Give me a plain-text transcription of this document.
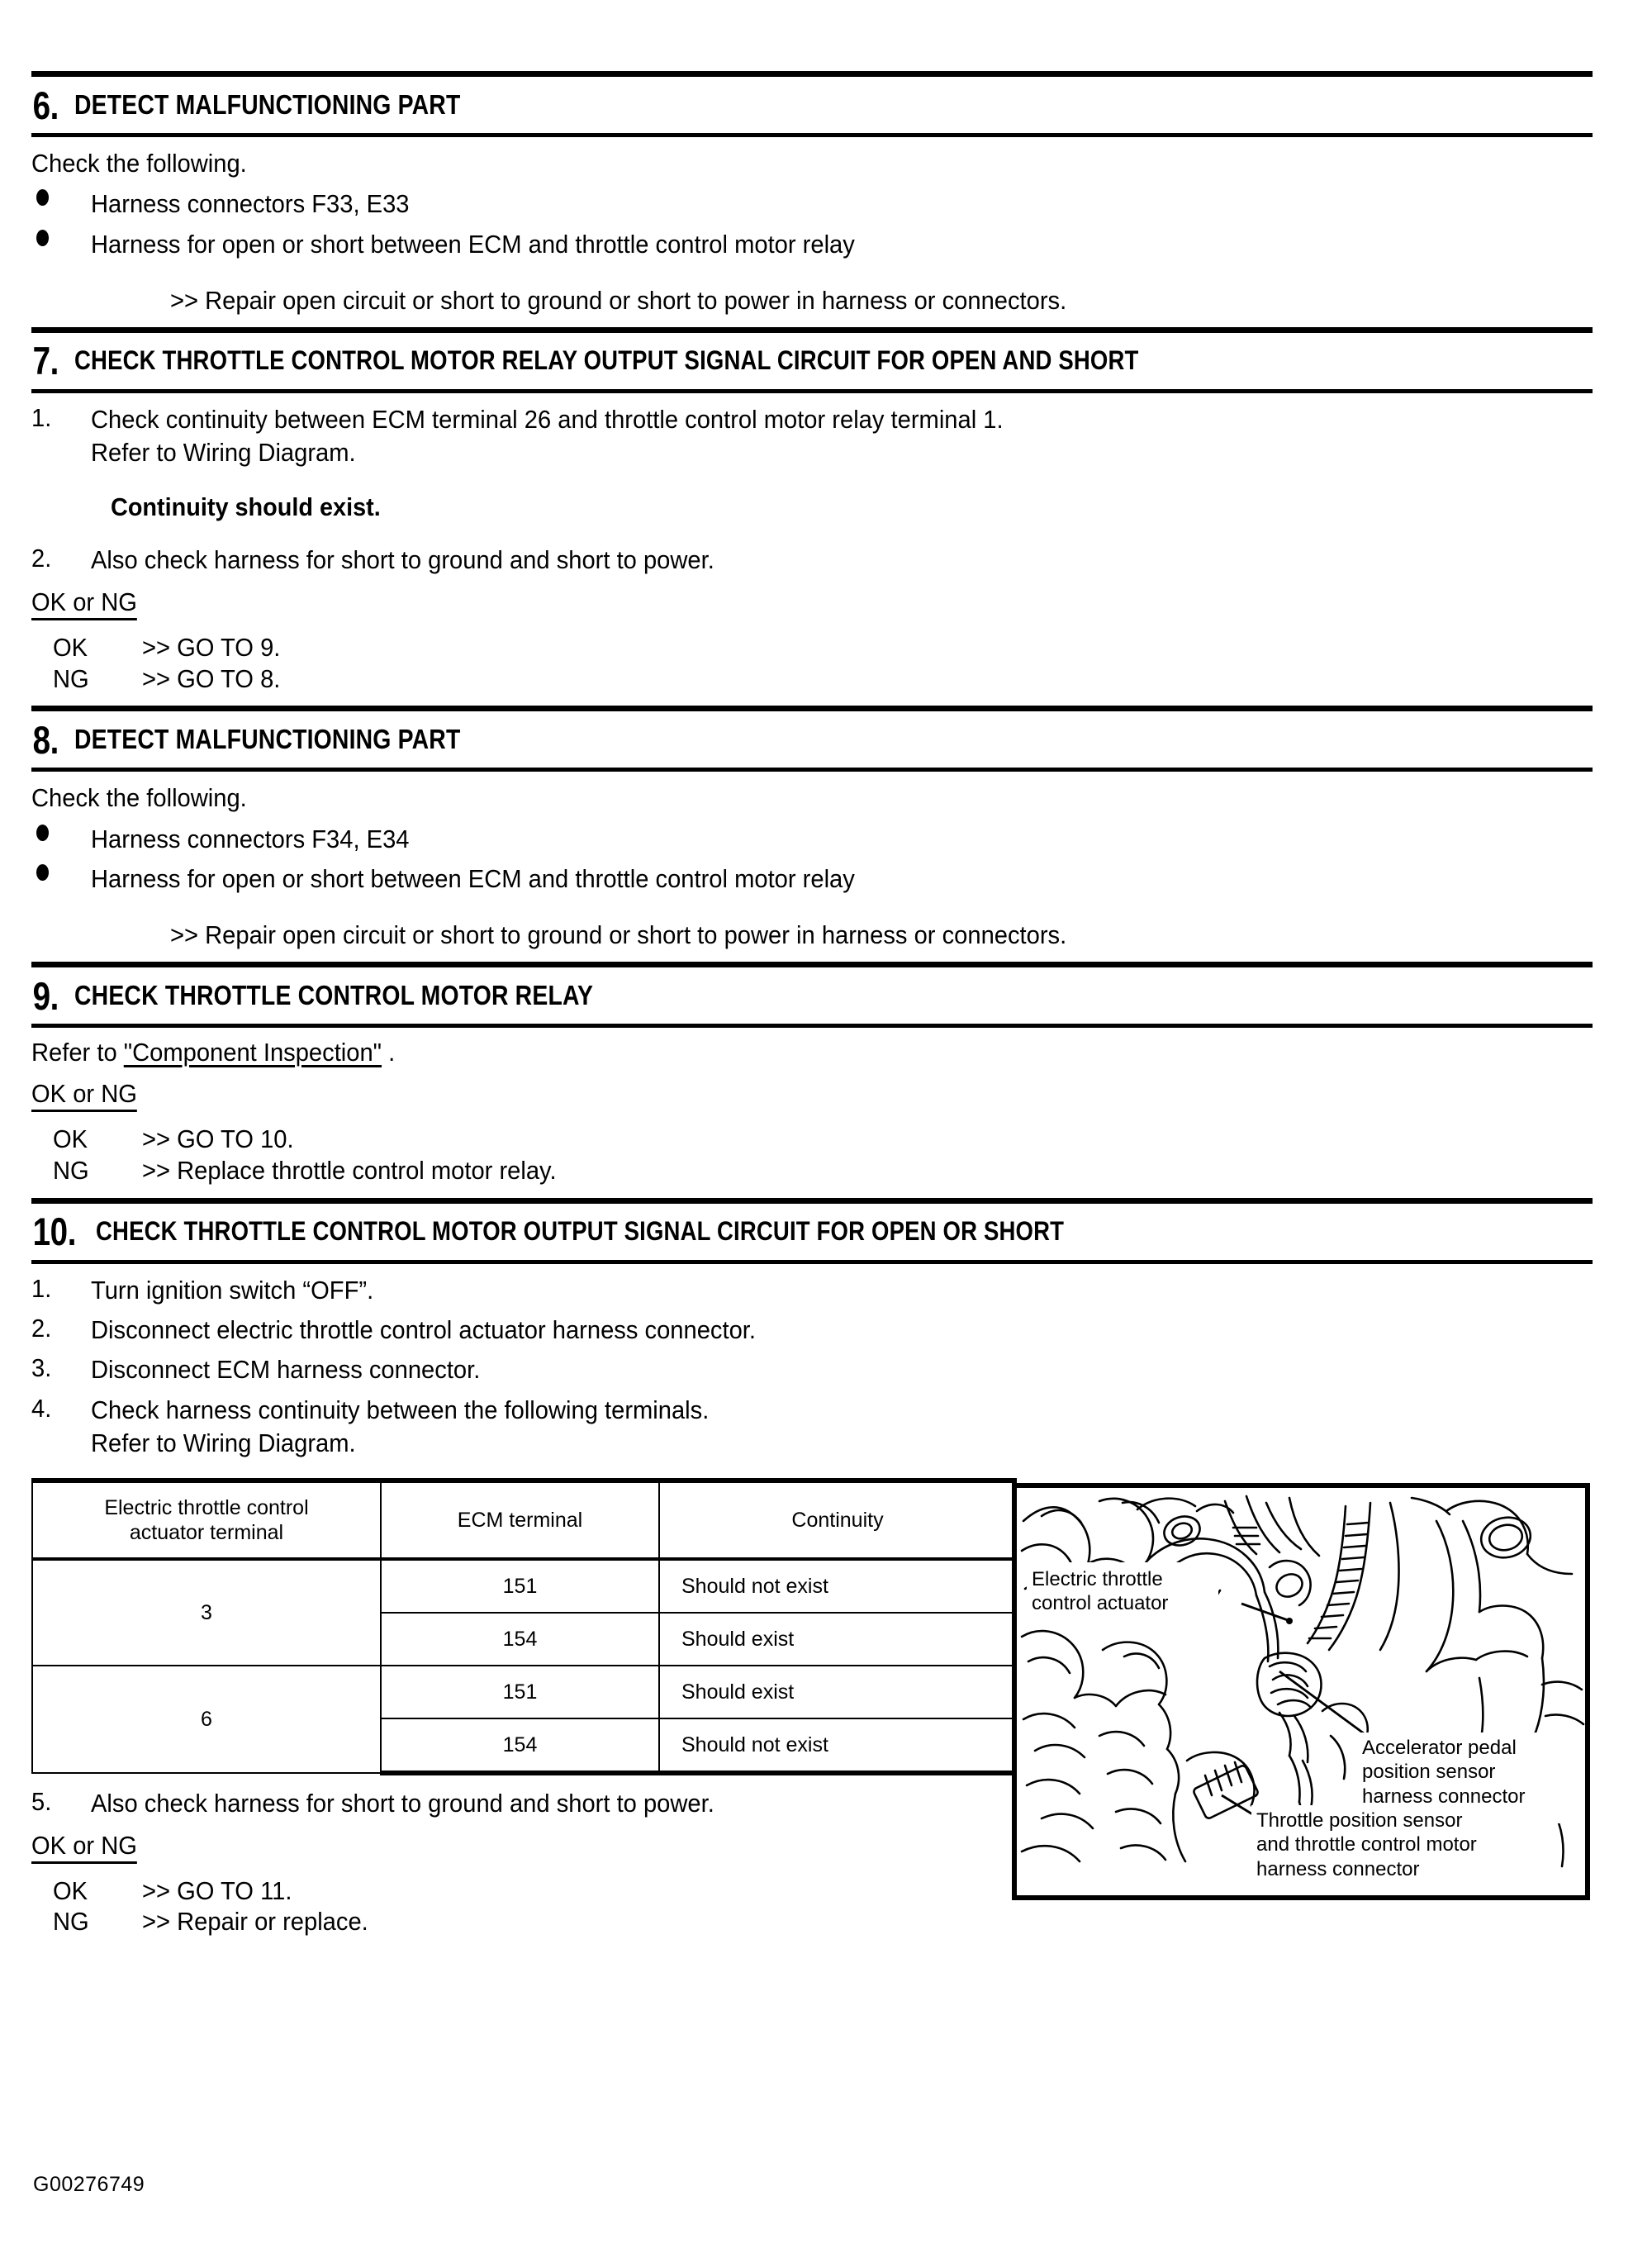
6. DETECT MALFUNCTIONING PART
Check the following.
Harness connectors F33, E33
Harness for open or short between ECM and throttle control motor relay
>> Repair open circuit or short to ground or short to power in harness or connectors.
7. CHECK THROTTLE CONTROL MOTOR RELAY OUTPUT SIGNAL CIRCUIT FOR OPEN AND SHORT
1.	Check continuity between ECM terminal 26 and throttle control motor relay terminal 1.
Refer to Wiring Diagram.
Continuity should exist.
2.	Also check harness for short to ground and short to power.
OK or NG
OK	>> GO TO 9.
NG	>> GO TO 8.
8. DETECT MALFUNCTIONING PART
Check the following.
Harness connectors F34, E34
Harness for open or short between ECM and throttle control motor relay
>> Repair open circuit or short to ground or short to power in harness or connectors.
9. CHECK THROTTLE CONTROL MOTOR RELAY
Refer to "Component Inspection" .
OK or NG
OK	>> GO TO 10.
NG	>> Replace throttle control motor relay.
10. CHECK THROTTLE CONTROL MOTOR OUTPUT SIGNAL CIRCUIT FOR OPEN OR SHORT
1.	Turn ignition switch “OFF”.
2.	Disconnect electric throttle control actuator harness connector.
3.	Disconnect ECM harness connector.
4.	Check harness continuity between the following terminals.
Refer to Wiring Diagram.
Electric throttle control
actuator terminal	ECM terminal	Continuity
3	151	Should not exist
	154	Should exist
6	151	Should exist
	154	Should not exist
5.	Also check harness for short to ground and short to power.
OK or NG
OK	>> GO TO 11.
NG	>> Repair or replace.
Electric throttle
control actuator
Accelerator pedal
position sensor
harness connector
Throttle position sensor
and throttle control motor
harness connector
G00276749
